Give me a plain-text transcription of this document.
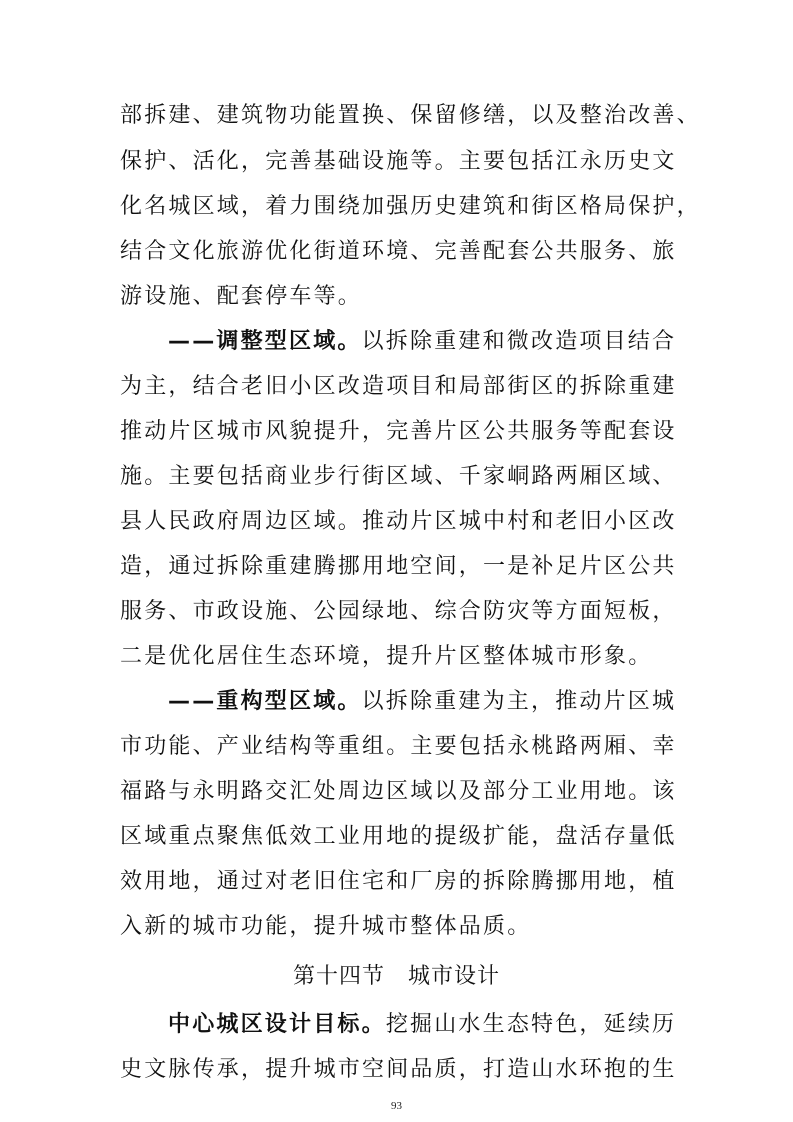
部拆建、建筑物功能置换、保留修缮，以及整治改善、
保护、活化，完善基础设施等。主要包括江永历史文
化名城区域，着力围绕加强历史建筑和街区格局保护，
结合文化旅游优化街道环境、完善配套公共服务、旅
游设施、配套停车等。
——调整型区域。以拆除重建和微改造项目结合
为主，结合老旧小区改造项目和局部街区的拆除重建
推动片区城市风貌提升，完善片区公共服务等配套设
施。主要包括商业步行街区域、千家峒路两厢区域、
县人民政府周边区域。推动片区城中村和老旧小区改
造，通过拆除重建腾挪用地空间，一是补足片区公共
服务、市政设施、公园绿地、综合防灾等方面短板，
二是优化居住生态环境，提升片区整体城市形象。
——重构型区域。以拆除重建为主，推动片区城
市功能、产业结构等重组。主要包括永桃路两厢、幸
福路与永明路交汇处周边区域以及部分工业用地。该
区域重点聚焦低效工业用地的提级扩能，盘活存量低
效用地，通过对老旧住宅和厂房的拆除腾挪用地，植
入新的城市功能，提升城市整体品质。
第十四节　城市设计
中心城区设计目标。挖掘山水生态特色，延续历
史文脉传承，提升城市空间品质，打造山水环抱的生
93
